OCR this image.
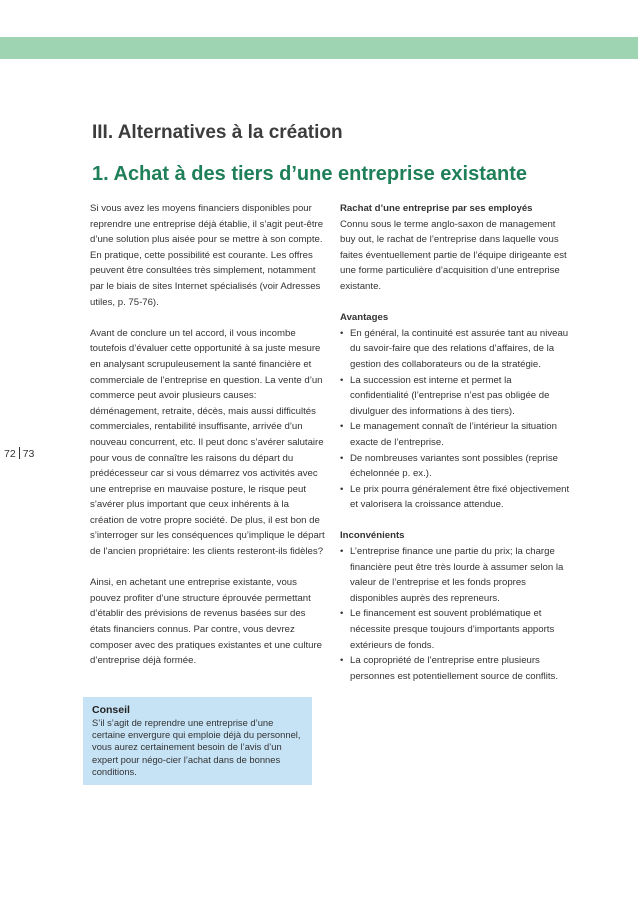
72 73
III. Alternatives à la création
1. Achat à des tiers d’une entreprise existante

Si vous avez les moyens financiers disponibles pour reprendre une entreprise déjà établie, il s’agit peut-être d’une solution plus aisée pour se mettre à son compte. En pratique, cette possibilité est courante. Les offres peuvent être consultées très simplement, notamment par le biais de sites Internet spécialisés (voir Adresses utiles, p. 75-76).

Avant de conclure un tel accord, il vous incombe toutefois d’évaluer cette opportunité à sa juste mesure en analysant scrupuleusement la santé financière et commerciale de l’entreprise en question. La vente d’un commerce peut avoir plusieurs causes: déménagement, retraite, décès, mais aussi difficultés commerciales, rentabilité insuffisante, arrivée d’un nouveau concurrent, etc. Il peut donc s’avérer salutaire pour vous de connaître les raisons du départ du prédécesseur car si vous démarrez vos activités avec une entreprise en mauvaise posture, le risque peut s’avérer plus important que ceux inhérents à la création de votre propre société. De plus, il est bon de s’interroger sur les conséquences qu’implique le départ de l’ancien propriétaire: les clients resteront-ils fidèles?

Ainsi, en achetant une entreprise existante, vous pouvez profiter d’une structure éprouvée permettant d’établir des prévisions de revenus basées sur des états financiers connus. Par contre, vous devrez composer avec des pratiques existantes et une culture d’entreprise déjà formée.

Rachat d’une entreprise par ses employés

Connu sous le terme anglo-saxon de management buy out, le rachat de l’entreprise dans laquelle vous faites éventuellement partie de l’équipe dirigeante est une forme particulière d’acquisition d’une entreprise existante.

Avantages

• En général, la continuité est assurée tant au niveau du savoir-faire que des relations d’affaires, de la gestion des collaborateurs ou de la stratégie.
• La succession est interne et permet la confidentialité (l’entreprise n’est pas obligée de divulguer des informations à des tiers).
• Le management connaît de l’intérieur la situation exacte de l’entreprise.
• De nombreuses variantes sont possibles (reprise échelonnée p. ex.).
• Le prix pourra généralement être fixé objectivement et valorisera la croissance attendue.

Inconvénients

• L’entreprise finance une partie du prix; la charge financière peut être très lourde à assumer selon la valeur de l’entreprise et les fonds propres disponibles auprès des repreneurs.
• Le financement est souvent problématique et nécessite presque toujours d’importants apports extérieurs de fonds.
• La copropriété de l’entreprise entre plusieurs personnes est potentiellement source de conflits.
Conseil
S’il s’agit de reprendre une entreprise d’une certaine envergure qui emploie déjà du personnel, vous aurez certainement besoin de l’avis d’un expert pour négo-cier l’achat dans de bonnes conditions.
